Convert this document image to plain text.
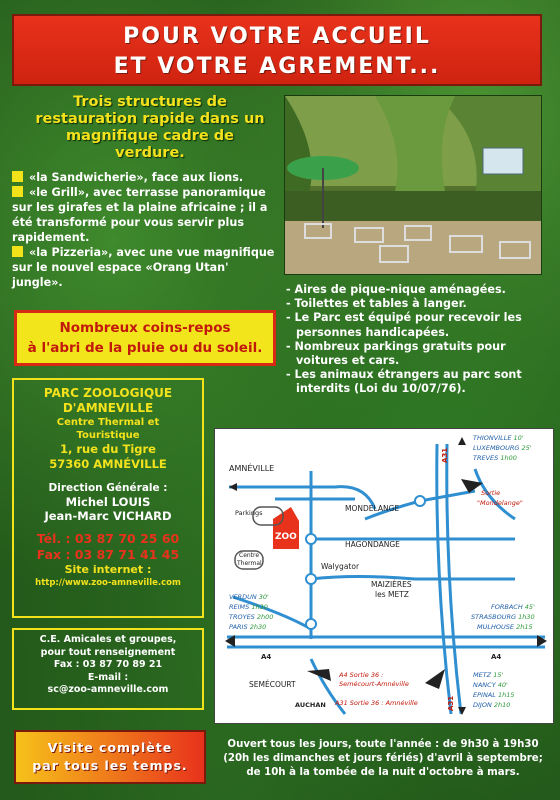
POUR VOTRE ACCUEIL
ET VOTRE AGREMENT...
Trois structures de restauration rapide dans un magnifique cadre de verdure.
«la Sandwicherie», face aux lions.
«le Grill», avec terrasse panoramique sur les girafes et la plaine africaine ; il a été transformé pour vous servir plus rapidement.
«la Pizzeria», avec une vue magnifique sur le nouvel espace «Orang Utan' jungle».
Nombreux coins-repos
à l'abri de la pluie ou du soleil.
- Aires de pique-nique aménagées.
- Toilettes et tables à langer.
- Le Parc est équipé pour recevoir les personnes handicapées.
- Nombreux parkings gratuits pour voitures et cars.
- Les animaux étrangers au parc sont interdits (Loi du 10/07/76).
PARC ZOOLOGIQUE
D'AMNEVILLE
Centre Thermal et
Touristique
1, rue du Tigre
57360 AMNÉVILLE
Direction Générale :
Michel LOUIS
Jean-Marc VICHARD
Tél. : 03 87 70 25 60
Fax : 03 87 71 41 45
Site internet :
http://www.zoo-amneville.com
C.E. Amicales et groupes,
pour tout renseignement
Fax : 03 87 70 89 21
E-mail :
sc@zoo-amneville.com
Visite complète
par tous les temps.
AMNÉVILLE
Parkings
ZOO
Centre
Thermal	Walygator
MONDELANGE
HAGONDANGE
MAIZIÈRES
les METZ
SEMÉCOURT
AUCHAN
A31
A31
A4	A4
Sortie
"Mondelange"
A4 Sortie 36 :
Semécourt-Amnéville
A31 Sortie 36 : Amnéville
THIONVILLE 10'
LUXEMBOURG 25'
TREVES 1h00
VERDUN 30'
REIMS 1h30
TROYES 2h00
PARIS 2h30
FORBACH 45'
STRASBOURG 1h30
MULHOUSE 2h15
METZ 15'
NANCY 40'
EPINAL 1h15
DIJON 2h10
Ouvert tous les jours, toute l'année : de 9h30 à 19h30
(20h les dimanches et jours fériés) d'avril à septembre;
de 10h à la tombée de la nuit d'octobre à mars.
